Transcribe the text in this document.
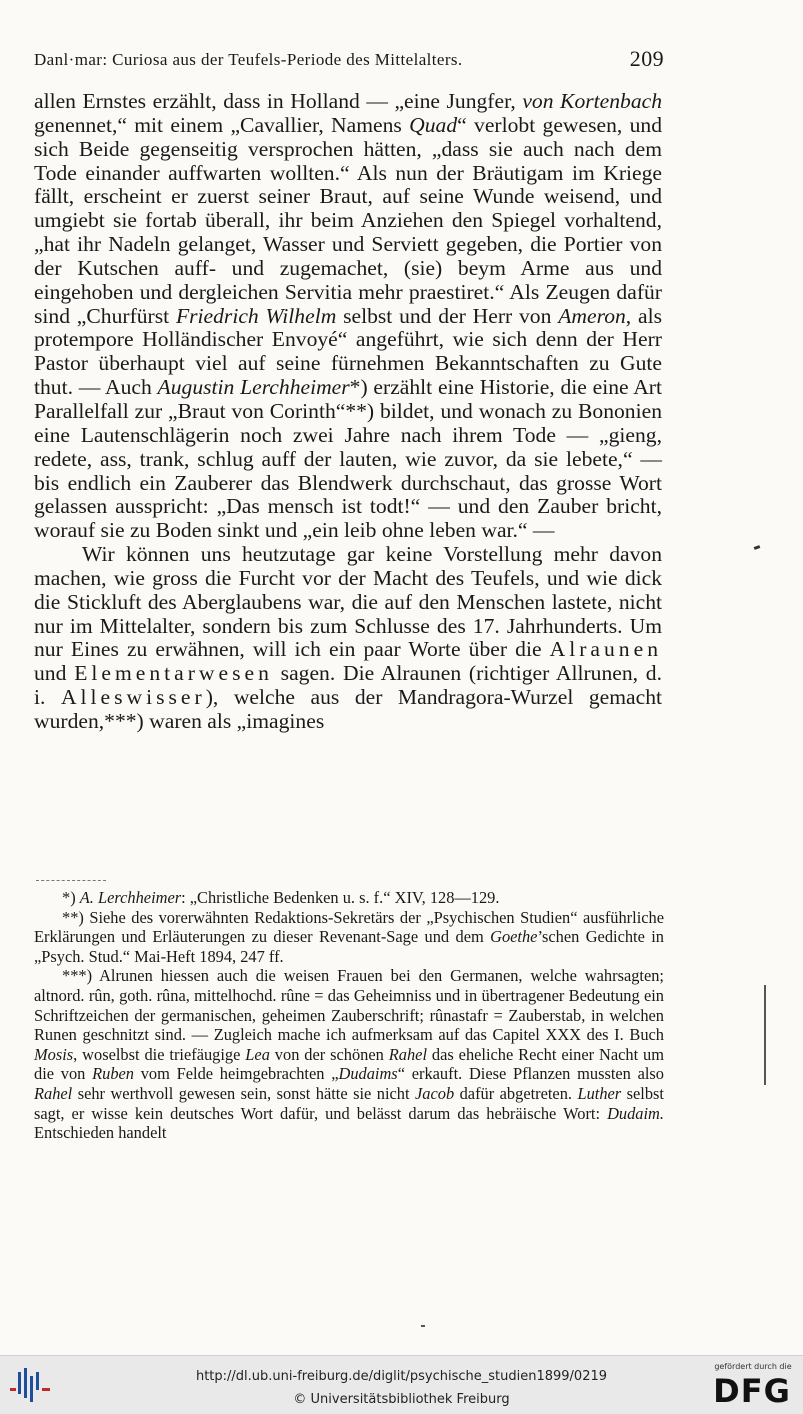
Danl·mar: Curiosa aus der Teufels-Periode des Mittelalters.	209

allen Ernstes erzählt, dass in Holland — „eine Jungfer, von Kortenbach genennet,“ mit einem „Cavallier, Namens Quad“ verlobt gewesen, und sich Beide gegenseitig versprochen hätten, „dass sie auch nach dem Tode einander auffwarten wollten.“ Als nun der Bräutigam im Kriege fällt, erscheint er zuerst seiner Braut, auf seine Wunde weisend, und umgiebt sie fortab überall, ihr beim Anziehen den Spiegel vorhaltend, „hat ihr Nadeln gelanget, Wasser und Serviett gegeben, die Portier von der Kutschen auff- und zugemachet, (sie) beym Arme aus und eingehoben und dergleichen Servitia mehr praestiret.“ Als Zeugen dafür sind „Churfürst Friedrich Wilhelm selbst und der Herr von Ameron, als protempore Holländischer Envoyé“ angeführt, wie sich denn der Herr Pastor überhaupt viel auf seine fürnehmen Bekanntschaften zu Gute thut. — Auch Augustin Lerchheimer*) erzählt eine Historie, die eine Art Parallelfall zur „Braut von Corinth“**) bildet, und wonach zu Bononien eine Lautenschlägerin noch zwei Jahre nach ihrem Tode — „gieng, redete, ass, trank, schlug auff der lauten, wie zuvor, da sie lebete,“ — bis endlich ein Zauberer das Blendwerk durchschaut, das grosse Wort gelassen ausspricht: „Das mensch ist todt!“ — und den Zauber bricht, worauf sie zu Boden sinkt und „ein leib ohne leben war.“ —

Wir können uns heutzutage gar keine Vorstellung mehr davon machen, wie gross die Furcht vor der Macht des Teufels, und wie dick die Stickluft des Aberglaubens war, die auf den Menschen lastete, nicht nur im Mittelalter, sondern bis zum Schlusse des 17. Jahrhunderts. Um nur Eines zu erwähnen, will ich ein paar Worte über die Alraunen und Elementarwesen sagen. Die Alraunen (richtiger Allrunen, d. i. Alleswisser), welche aus der Mandragora-Wurzel gemacht wurden,***) waren als „imagines

*) A. Lerchheimer: „Christliche Bedenken u. s. f.“ XIV, 128—129.

**) Siehe des vorerwähnten Redaktions-Sekretärs der „Psychischen Studien“ ausführliche Erklärungen und Erläuterungen zu dieser Revenant-Sage und dem Goethe’schen Gedichte in „Psych. Stud.“ Mai-Heft 1894, 247 ff.

***) Alrunen hiessen auch die weisen Frauen bei den Germanen, welche wahrsagten; altnord. rûn, goth. rûna, mittelhochd. rûne = das Geheimniss und in übertragener Bedeutung ein Schriftzeichen der germanischen, geheimen Zauberschrift; rûnastafr = Zauberstab, in welchen Runen geschnitzt sind. — Zugleich mache ich aufmerksam auf das Capitel XXX des I. Buch Mosis, woselbst die triefäugige Lea von der schönen Rahel das eheliche Recht einer Nacht um die von Ruben vom Felde heimgebrachten „Dudaims“ erkauft. Diese Pflanzen mussten also Rahel sehr werthvoll gewesen sein, sonst hätte sie nicht Jacob dafür abgetreten. Luther selbst sagt, er wisse kein deutsches Wort dafür, und belässt darum das hebräische Wort: Dudaim. Entschieden handelt

http://dl.ub.uni-freiburg.de/diglit/psychische_studien1899/0219
© Universitätsbibliothek Freiburg
gefördert durch die
DFG
